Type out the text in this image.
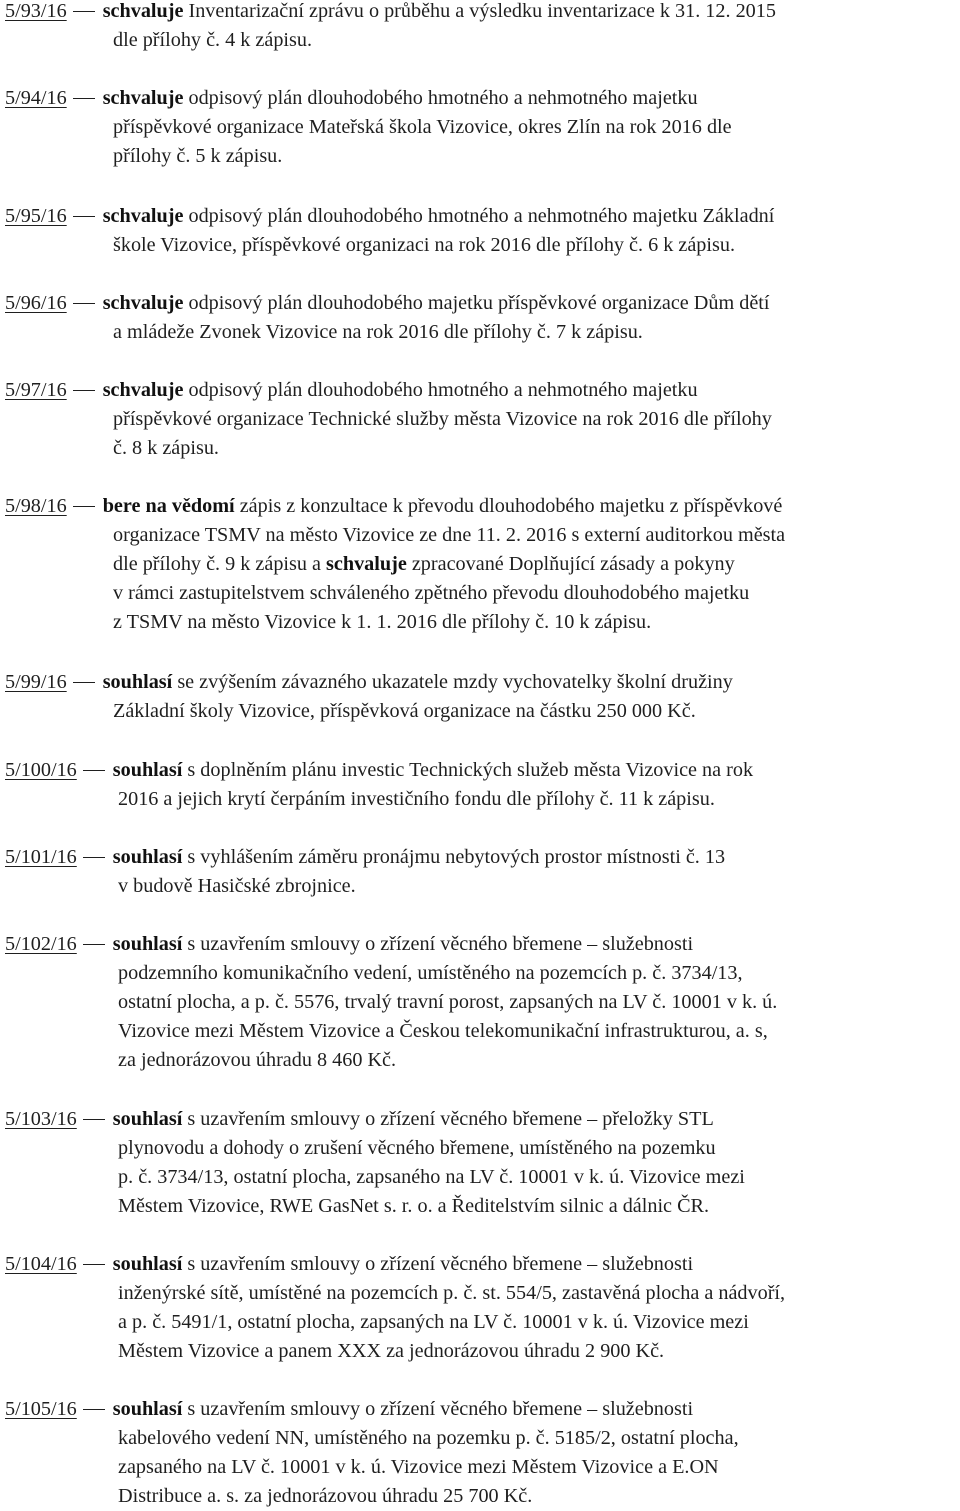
5/93/16 schvaluje Inventarizační zprávu o průběhu a výsledku inventarizace k 31. 12. 2015
dle přílohy č. 4 k zápisu.
5/94/16 schvaluje odpisový plán dlouhodobého hmotného a nehmotného majetku
příspěvkové organizace Mateřská škola Vizovice, okres Zlín na rok 2016 dle
přílohy č. 5 k zápisu.
5/95/16 schvaluje odpisový plán dlouhodobého hmotného a nehmotného majetku Základní
škole Vizovice, příspěvkové organizaci na rok 2016 dle přílohy č. 6 k zápisu.
5/96/16 schvaluje odpisový plán dlouhodobého majetku příspěvkové organizace Dům dětí
a mládeže Zvonek Vizovice na rok 2016 dle přílohy č. 7 k zápisu.
5/97/16 schvaluje odpisový plán dlouhodobého hmotného a nehmotného majetku
příspěvkové organizace Technické služby města Vizovice na rok 2016 dle přílohy
č. 8 k zápisu.
5/98/16 bere na vědomí zápis z konzultace k převodu dlouhodobého majetku z příspěvkové
organizace TSMV na město Vizovice ze dne 11. 2. 2016 s externí auditorkou města
dle přílohy č. 9 k zápisu a schvaluje zpracované Doplňující zásady a pokyny
v rámci zastupitelstvem schváleného zpětného převodu dlouhodobého majetku
z TSMV na město Vizovice k 1. 1. 2016 dle přílohy č. 10 k zápisu.
5/99/16 souhlasí se zvýšením závazného ukazatele mzdy vychovatelky školní družiny
Základní školy Vizovice, příspěvková organizace na částku 250 000 Kč.
5/100/16 souhlasí s doplněním plánu investic Technických služeb města Vizovice na rok
2016 a jejich krytí čerpáním investičního fondu dle přílohy č. 11 k zápisu.
5/101/16 souhlasí s vyhlášením záměru pronájmu nebytových prostor místnosti č. 13
v budově Hasičské zbrojnice.
5/102/16 souhlasí s uzavřením smlouvy o zřízení věcného břemene – služebnosti
podzemního komunikačního vedení, umístěného na pozemcích p. č. 3734/13,
ostatní plocha, a p. č. 5576, trvalý travní porost, zapsaných na LV č. 10001 v k. ú.
Vizovice mezi Městem Vizovice a Českou telekomunikační infrastrukturou, a. s,
za jednorázovou úhradu 8 460 Kč.
5/103/16 souhlasí s uzavřením smlouvy o zřízení věcného břemene – přeložky STL
plynovodu a dohody o zrušení věcného břemene, umístěného na pozemku
p. č. 3734/13, ostatní plocha, zapsaného na LV č. 10001 v k. ú. Vizovice mezi
Městem Vizovice, RWE GasNet s. r. o. a Ředitelstvím silnic a dálnic ČR.
5/104/16 souhlasí s uzavřením smlouvy o zřízení věcného břemene – služebnosti
inženýrské sítě, umístěné na pozemcích p. č. st. 554/5, zastavěná plocha a nádvoří,
a p. č. 5491/1, ostatní plocha, zapsaných na LV č. 10001 v k. ú. Vizovice mezi
Městem Vizovice a panem XXX za jednorázovou úhradu 2 900 Kč.
5/105/16 souhlasí s uzavřením smlouvy o zřízení věcného břemene – služebnosti
kabelového vedení NN, umístěného na pozemku p. č. 5185/2, ostatní plocha,
zapsaného na LV č. 10001 v k. ú. Vizovice mezi Městem Vizovice a E.ON
Distribuce a. s. za jednorázovou úhradu 25 700 Kč.
